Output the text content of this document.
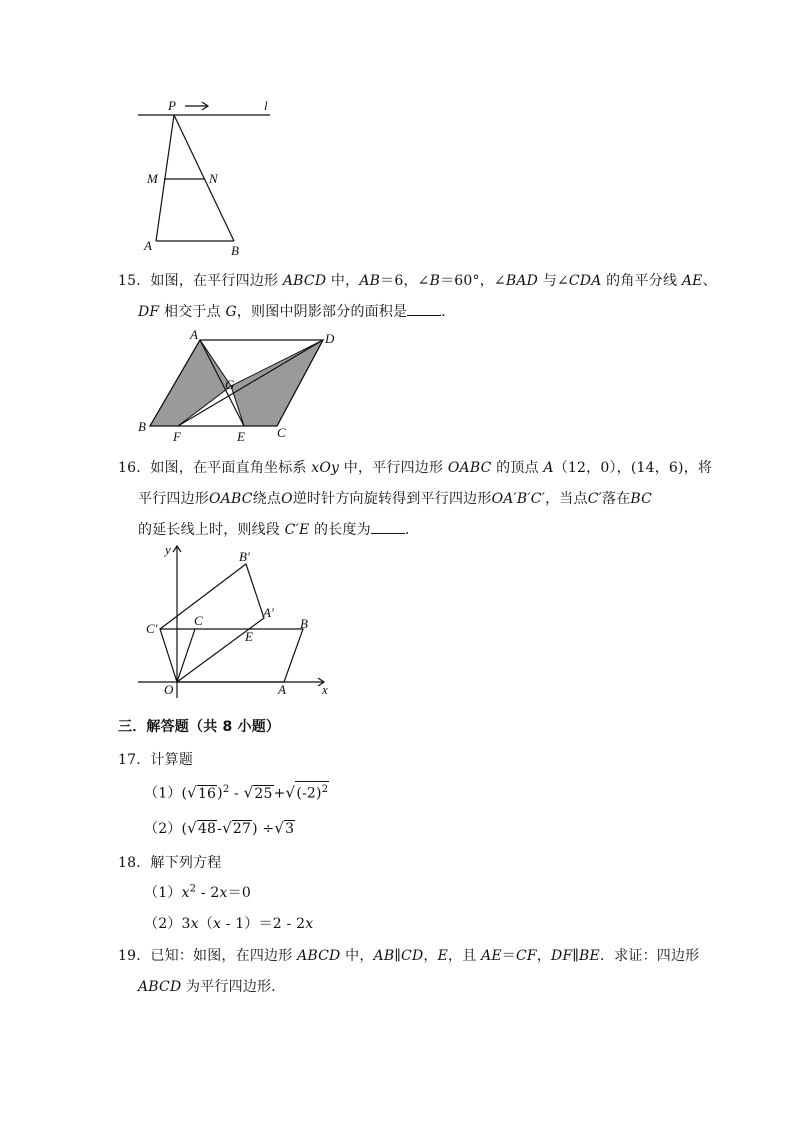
P	l
M	N
A	B
15．如图，在平行四边形 ABCD 中，AB＝6，∠B＝60°，∠BAD 与∠CDA 的角平分线 AE、
DF 相交于点 G，则图中阴影部分的面积是 ．
A	D
G
B
F	E C
16．如图，在平面直角坐标系 xOy 中，平行四边形 OABC 的顶点 A（12，0），(14，6)，将
平行四边形OABC绕点O逆时针方向旋转得到平行四边形OA′B′C′，当点C′落在BC
的延长线上时，则线段 C′E 的长度为 ．
y	B′
A′
C′
C
E
B
O	A	x
三．解答题（共 8 小题）
17．计算题
$(1)(√16)^2 - √25+√(-2)^2$
（2）(√48-√27) ÷√3
18．解下列方程
$(1)x^2 - 2x=0$
（2）3x（x - 1）＝2 - 2x
19．已知：如图，在四边形 ABCD 中，AB∥CD，E，且 AE＝CF，DF∥BE．求证：四边形
ABCD 为平行四边形．
